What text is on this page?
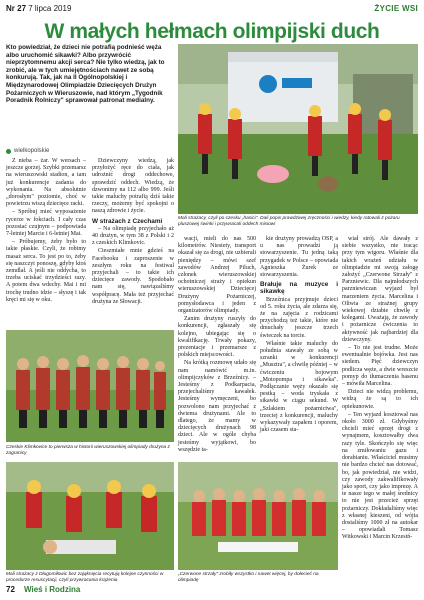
Nr 27 7 lipca 2019	ŻYCIE WSI
W małych hełmach olimpijski duch
Kto powiedział, że dzieci nie potrafią podnieść węża albo uruchomić sikawki? Albo przywrócić nieprzytomnemu akcji serca? Nie tylko wiedzą, jak to zrobić, ale w tych umiejętnościach nawet ze sobą konkurują. Tak, jak na II Ogólnopolskiej i Międzynarodowej Olimpiadzie Dziecięcych Drużyn Pożarniczych w Wieruszowie, nad którym „Tygodnik Poradnik Rolniczy" sprawował patronat medialny.
wielkopolskie
Mali strażacy, czyli po czesku „hasici". Dali popis prawdziwej zręczności i wiedzy, kiedy ratowali z pożaru pluszowej świnki i przywracali oddech misiowi

Z nieba – żar. W wersach – jeszcze gorzej. Szybki przemarsz na wieruszowski stadion, a tam już konkurencje zadania do wykonania. Na absolutnie „dorosłym" poziomie, choć w powietrzu wiszą dziecięce racki.

– Spróbuj mieć wyposażenie rycerze w fokciach. I cały czas pozostać czujnym – podpowiada 7-letniej Marcie i 6-letniej Mai.

– Próbujemy, żeby było to takie płaskie. Czyli, że robimy masaż serca. To jest po to, żeby się naszczyt ponoszę, gdyby ktoś zemdlał. A jeśli nie oddycha, to trzeba uciskać trzydzieści razy. A potem dwa wdechy. Mai i mi trochę trudno idzie – słyszę i tak kręci mi się w oku.

Dziewczyny wiedzą, jak przyłożyć ręce do ciała, jak udrożnić drogi oddechowe, sprawdzić oddech. Wiedzą, że dzwonimy na 112 albo 999. Jeśli takie maluchy potrafią dziś takie rzeczy, możemy być spokojni o naszą zdrowie i życie.

W strażach z Czechami

– Na olimpiadę przyjechało aż 40 drużyn, w tym 38 z Polski i 2 z czeskich Klimkovic.

Cieszmiałe mnie gdzieś na Facebooku i zaproszenie w zeszłym roku na festiwal przyjechali – to takie ich dziecięce zawody. Spodobało nam się, nawiązaliśmy współpracę. Mała też przyjechać drużyna ze Słowacji.

Czeskie Klimkovice to pierwsza w historii wieruszowskiej olimpiady drużyna z zagranicy
Mali strażacy z Długomiłowic bez zająknięcia recytują kolejne czynności w procedurze resuscytacji, czyli przywracania krążenia

wacji, mieli do nas 500 kilometrów. Niestety, transport okazał się za drogi, nie uzbierali pieniędzy – mówi szef zawodów Andrzej Piluch, członek wieruszowskiej ochotniczej straży i opiekun wieruszowskiej Dziecięcej Drużyny Pożarniczej, pomysłodawca i jeden z organizatorów olimpiady.

Zanim drużyny ruszyły do konkurencji, zgłaszały się kolejno, ubiegając się o kwalifikację. Trwały pokazy, prezentacje i przemarsze z polskich miejscowości.

Na krótką rozmowę udało się nam namówić m.in. olimpijczyków z Brzeźnicy. – Jesteśmy z Podkarpacia, przejechaliśmy kawałek. Jesteśmy wymęczeni, bo pozwolono nam przyjechać z dwiema drużynami. Ale to dlatego, że mamy w dziecięcych drużynach 98 dzieci. Ale w ogóle chyba jesteśmy wyjątkowi, bo wszędzie ta-

kie drużyny prowadzą OSP, a u nas prowadzi ją stowarzyszenie. Tu jedną taką przygadek w Polsce – opowiada Agnieszka Żurek ze stowarzyszenia.

Brałuje na muzyce i sikawkę

Brzeźnica przyjmuje dzieci od 5. roku życia, ale zdarza się, że na zajęcia z rodzicami przychodzą też takie, które nie dmuchały jeszcze trzech świeczek na torcie.

Właśnie takie maluchy do południa stawały ze sobą w szranki w konkurencji „Musztra", a chwilę później – w ćwiczeniu bojowym „Motopompa i sikawka". Podłączanie węży okazało się pestką – woda tryskała z sikawki w ciągu sekund. W „Szlakiem pożarnictwa", trzeciej z konkurencji, maluchy wykazywały zapałem i oporem, jaki czasem sta-

„Czerwone strzały" zrobiły wszystko i nawet więcej, by dołecieć na olimpiadę

wiał strój. Ale dawały z siebie wszystko, nie tracąc przy tym wigoru. Właśnie dla takich wrażeń udziału w olimpiadzie mi swoją załogę założyć „Czerwone Strzały" z Parzniewic. Dla najmłodszych parzniewiczan wyjazd był marzeniem życia. Marcelina i Oliwia ze strażnej grupy wiekowej dziabie chwilę z kolegami. Uważają, że zawody i pożarnicze ćwiczenia to aktywność jak najbardziej dla dziewczyny.

– To nie jest trudne. Może ewentualnie bojówka. Jest nas siedem. Pięć dziewczyn podlicza węże, a dwie wreszcie pomyp do tłumaczenia basenu – mówiła Marcelina.

Dzieci nie widzą problemu, widzą że są to ich opiekunowie.

– Ten wyjazd kosztował nas około 3000 zł. Gdybyśmy chcieli mieć sprzęt drogi z wynajmem, kosztowałby dwa razy tyle. Skończyło się więc na zmiłowaniu gazu i dorabianiu. Właściciel musimy nie bardzo chcieć nas dotować, bo, jak powiedział, nie widzi, czy zawody zakwalifikowały jako sport, czy jako imprezę. A te nasze tego w małej średnicy to nie jest przecież sprzęt pożarniczy. Dokładaliśmy więc z własnej kieszeni, od wójta dostaliśmy 1000 zł na autokar – opowiadali Tomasz Witkowski i Marcin Krzesiń-

72 Wieś i Rodzina
